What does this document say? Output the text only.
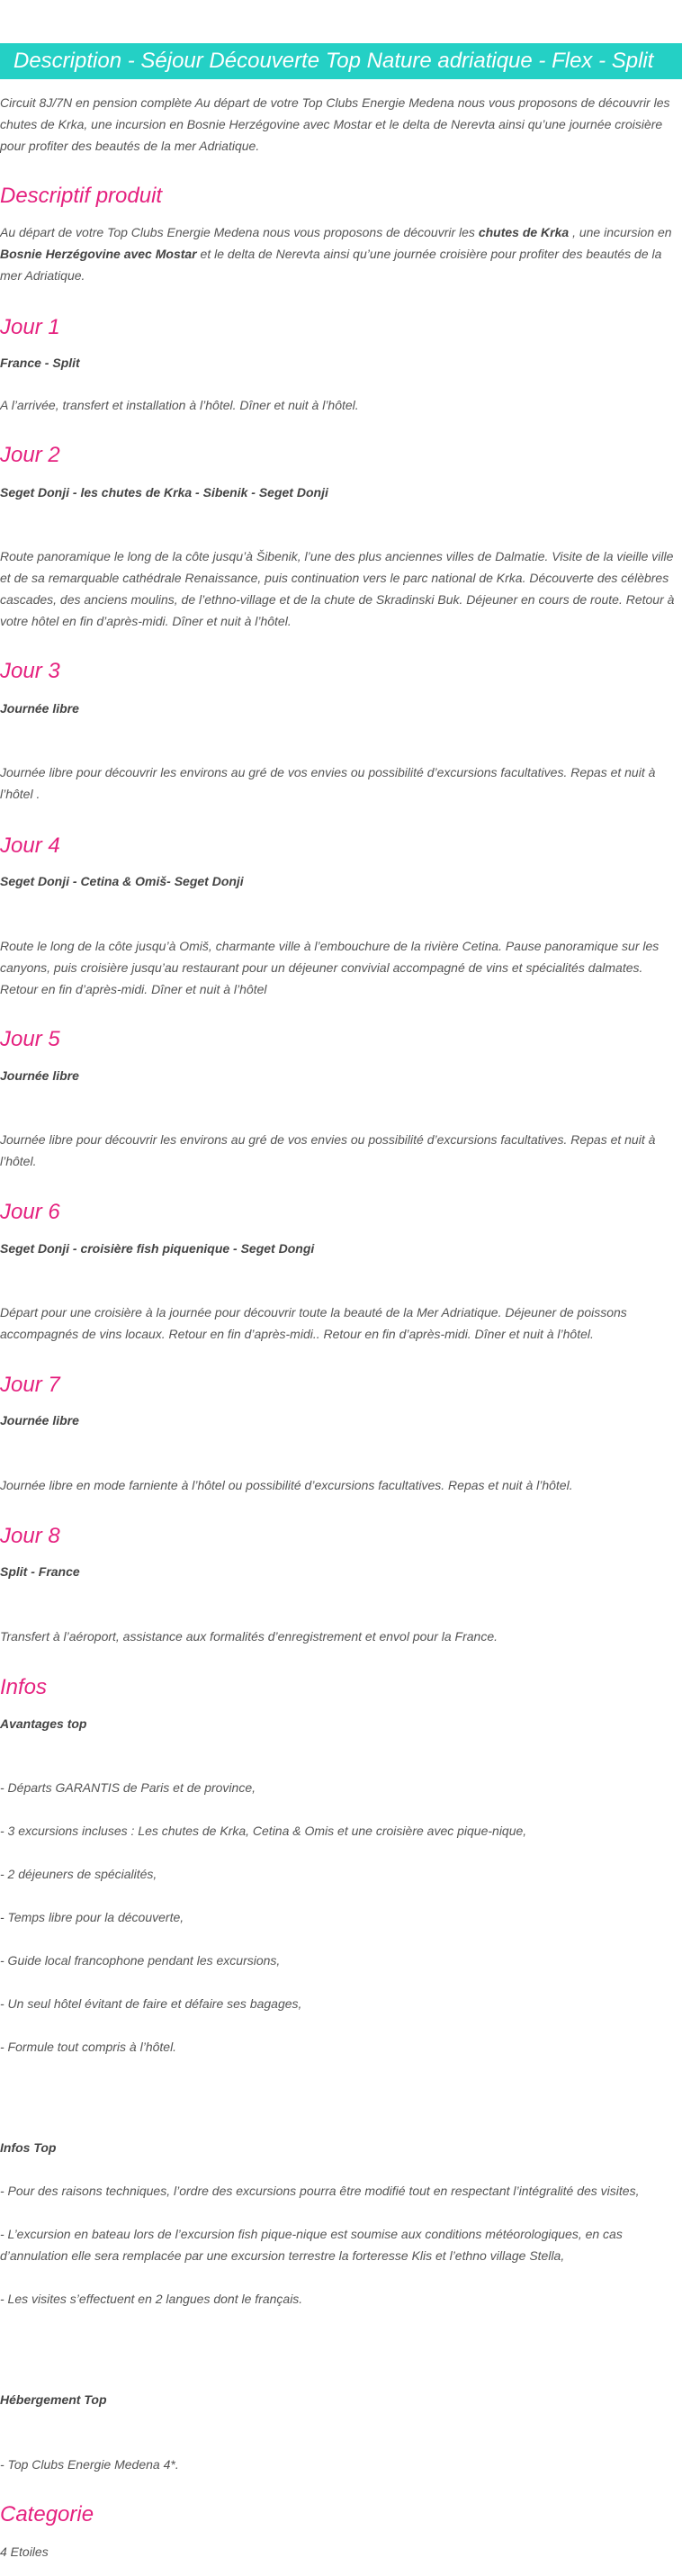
Description - Séjour Découverte Top Nature adriatique - Flex - Split

Circuit 8J/7N en pension complète Au départ de votre Top Clubs Energie Medena nous vous proposons de découvrir les chutes de Krka, une incursion en Bosnie Herzégovine avec Mostar et le delta de Nerevta ainsi qu’une journée croisière pour profiter des beautés de la mer Adriatique.

Descriptif produit

Au départ de votre Top Clubs Energie Medena nous vous proposons de découvrir les chutes de Krka , une incursion en Bosnie Herzégovine avec Mostar et le delta de Nerevta ainsi qu’une journée croisière pour profiter des beautés de la mer Adriatique.

Jour 1
France - Split

A l’arrivée, transfert et installation à l’hôtel. Dîner et nuit à l’hôtel.

Jour 2
Seget Donji - les chutes de Krka - Sibenik - Seget Donji

Route panoramique le long de la côte jusqu’à Šibenik, l’une des plus anciennes villes de Dalmatie. Visite de la vieille ville et de sa remarquable cathédrale Renaissance, puis continuation vers le parc national de Krka. Découverte des célèbres cascades, des anciens moulins, de l’ethno-village et de la chute de Skradinski Buk. Déjeuner en cours de route. Retour à votre hôtel en fin d’après-midi. Dîner et nuit à l’hôtel.

Jour 3
Journée libre

Journée libre pour découvrir les environs au gré de vos envies ou possibilité d’excursions facultatives. Repas et nuit à l’hôtel .

Jour 4
Seget Donji - Cetina & Omiš- Seget Donji

Route le long de la côte jusqu’à Omiš, charmante ville à l’embouchure de la rivière Cetina. Pause panoramique sur les canyons, puis croisière jusqu’au restaurant pour un déjeuner convivial accompagné de vins et spécialités dalmates. Retour en fin d’après-midi. Dîner et nuit à l’hôtel

Jour 5
Journée libre

Journée libre pour découvrir les environs au gré de vos envies ou possibilité d’excursions facultatives. Repas et nuit à l’hôtel.

Jour 6
Seget Donji - croisière fish piquenique - Seget Dongi

Départ pour une croisière à la journée pour découvrir toute la beauté de la Mer Adriatique. Déjeuner de poissons accompagnés de vins locaux. Retour en fin d’après-midi.. Retour en fin d’après-midi. Dîner et nuit à l’hôtel.

Jour 7
Journée libre

Journée libre en mode farniente à l’hôtel ou possibilité d’excursions facultatives. Repas et nuit à l’hôtel.

Jour 8
Split - France

Transfert à l’aéroport, assistance aux formalités d’enregistrement et envol pour la France.

Infos
Avantages top

- Départs GARANTIS de Paris et de province,

- 3 excursions incluses : Les chutes de Krka, Cetina & Omis et une croisière avec pique-nique,

- 2 déjeuners de spécialités,

- Temps libre pour la découverte,

- Guide local francophone pendant les excursions,

- Un seul hôtel évitant de faire et défaire ses bagages,

- Formule tout compris à l’hôtel.

Infos Top

- Pour des raisons techniques, l’ordre des excursions pourra être modifié tout en respectant l’intégralité des visites,

- L’excursion en bateau lors de l’excursion fish pique-nique est soumise aux conditions météorologiques, en cas d’annulation elle sera remplacée par une excursion terrestre la forteresse Klis et l’ethno village Stella,

- Les visites s’effectuent en 2 langues dont le français.

Hébergement Top

- Top Clubs Energie Medena 4*.

Categorie

4 Etoiles
